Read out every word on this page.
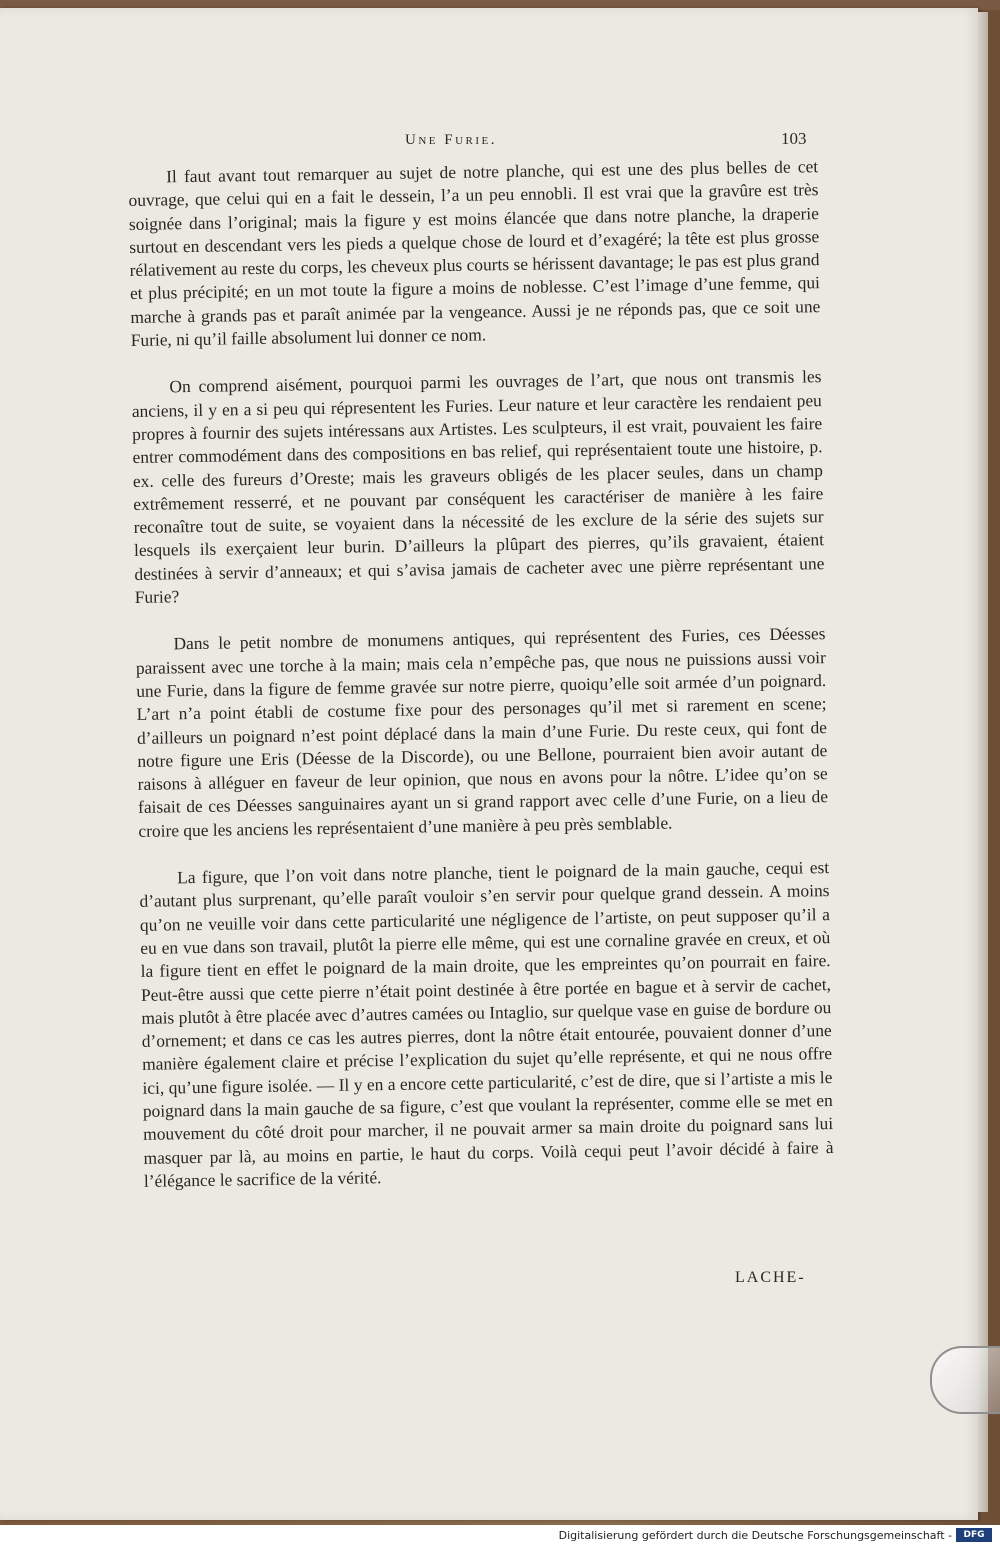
Une Furie.	103

Il faut avant tout remarquer au sujet de notre planche, qui est une des plus belles de cet ouvrage, que celui qui en a fait le dessein, l’a un peu ennobli. Il est vrai que la gravûre est très soignée dans l’original; mais la figure y est moins élancée que dans notre planche, la draperie surtout en descendant vers les pieds a quelque chose de lourd et d’exagéré; la tête est plus grosse rélativement au reste du corps, les cheveux plus courts se hérissent davantage; le pas est plus grand et plus précipité; en un mot toute la figure a moins de noblesse. C’est l’image d’une femme, qui marche à grands pas et paraît animée par la vengeance. Aussi je ne réponds pas, que ce soit une Furie, ni qu’il faille absolument lui donner ce nom.

On comprend aisément, pourquoi parmi les ouvrages de l’art, que nous ont transmis les anciens, il y en a si peu qui répresentent les Furies. Leur nature et leur caractère les rendaient peu propres à fournir des sujets intéressans aux Artistes. Les sculpteurs, il est vrait, pouvaient les faire entrer commodément dans des compositions en bas relief, qui représentaient toute une histoire, p. ex. celle des fureurs d’Oreste; mais les graveurs obligés de les placer seules, dans un champ extrêmement resserré, et ne pouvant par conséquent les caractériser de manière à les faire reconaître tout de suite, se voyaient dans la nécessité de les exclure de la série des sujets sur lesquels ils exerçaient leur burin. D’ailleurs la plûpart des pierres, qu’ils gravaient, étaient destinées à servir d’anneaux; et qui s’avisa jamais de cacheter avec une pièrre représentant une Furie?

Dans le petit nombre de monumens antiques, qui représentent des Furies, ces Déesses paraissent avec une torche à la main; mais cela n’empêche pas, que nous ne puissions aussi voir une Furie, dans la figure de femme gravée sur notre pierre, quoiqu’elle soit armée d’un poignard. L’art n’a point établi de costume fixe pour des personages qu’il met si rarement en scene; d’ailleurs un poignard n’est point déplacé dans la main d’une Furie. Du reste ceux, qui font de notre figure une Eris (Déesse de la Discorde), ou une Bellone, pourraient bien avoir autant de raisons à alléguer en faveur de leur opinion, que nous en avons pour la nôtre. L’idee qu’on se faisait de ces Déesses sanguinaires ayant un si grand rapport avec celle d’une Furie, on a lieu de croire que les anciens les représentaient d’une manière à peu près semblable.

La figure, que l’on voit dans notre planche, tient le poignard de la main gauche, cequi est d’autant plus surprenant, qu’elle paraît vouloir s’en servir pour quelque grand dessein. A moins qu’on ne veuille voir dans cette particularité une négligence de l’artiste, on peut supposer qu’il a eu en vue dans son travail, plutôt la pierre elle même, qui est une cornaline gravée en creux, et où la figure tient en effet le poignard de la main droite, que les empreintes qu’on pourrait en faire. Peut-être aussi que cette pierre n’était point destinée à être portée en bague et à servir de cachet, mais plutôt à être placée avec d’autres camées ou Intaglio, sur quelque vase en guise de bordure ou d’ornement; et dans ce cas les autres pierres, dont la nôtre était entourée, pouvaient donner d’une manière également claire et précise l’explication du sujet qu’elle représente, et qui ne nous offre ici, qu’une figure isolée. — Il y en a encore cette particularité, c’est de dire, que si l’artiste a mis le poignard dans la main gauche de sa figure, c’est que voulant la représenter, comme elle se met en mouvement du côté droit pour marcher, il ne pouvait armer sa main droite du poignard sans lui masquer par là, au moins en partie, le haut du corps. Voilà cequi peut l’avoir décidé à faire à l’élégance le sacrifice de la vérité.

LACHE-
Digitalisierung gefördert durch die Deutsche Forschungsgemeinschaft -	DFG
